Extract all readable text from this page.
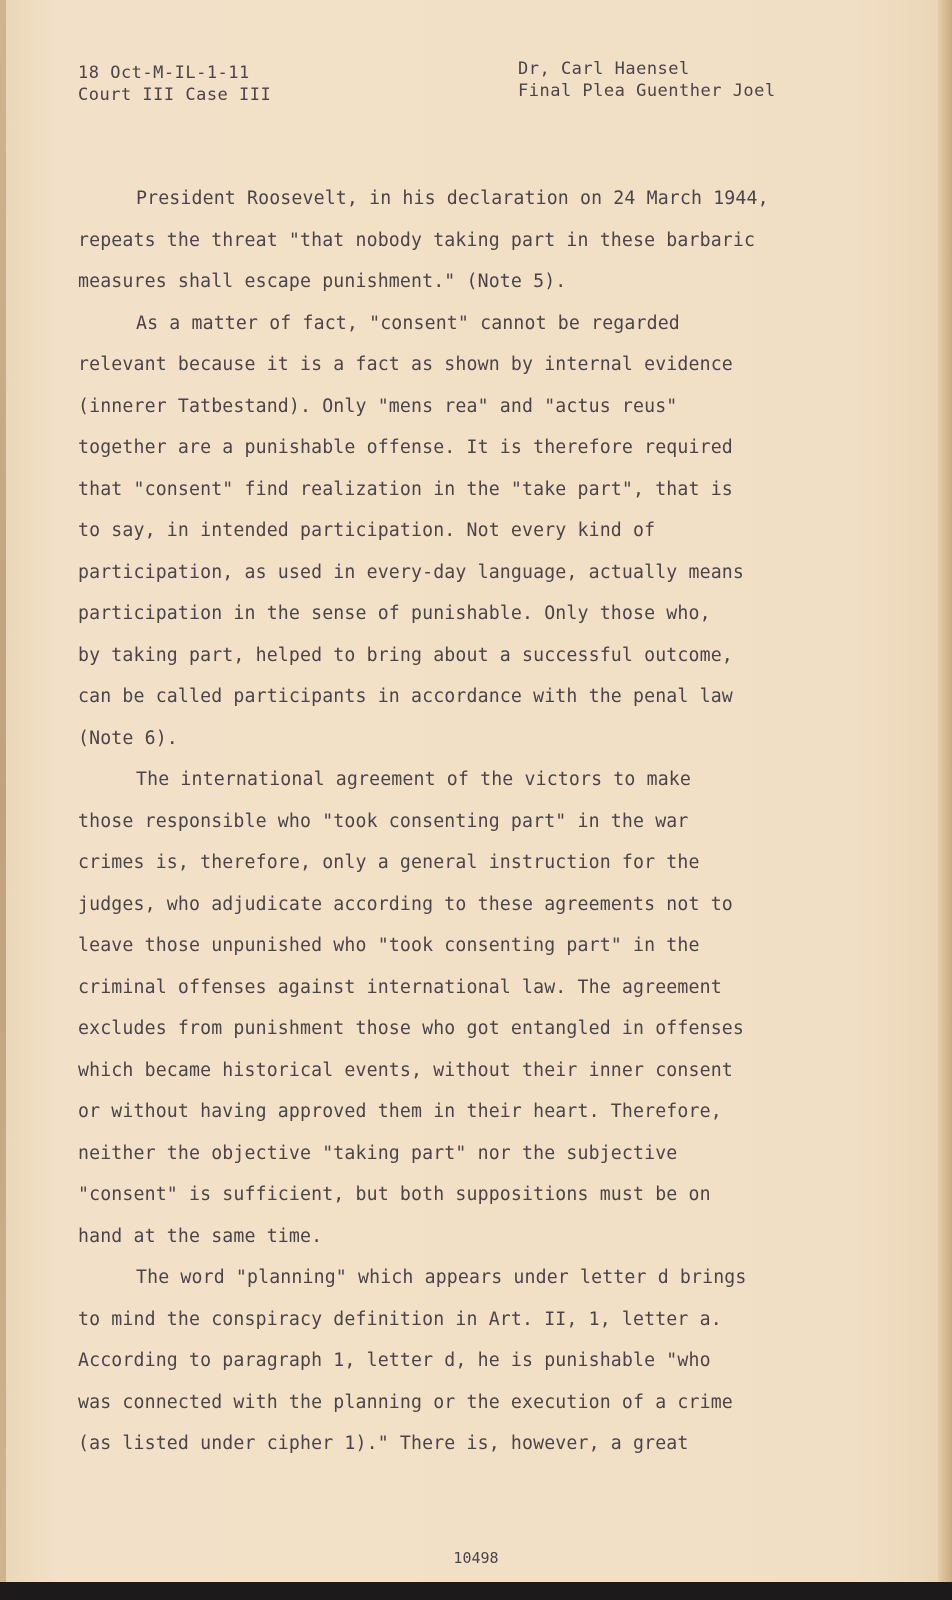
18 Oct-M-IL-1-11
Court III Case III
Dr, Carl Haensel
Final Plea Guenther Joel
President Roosevelt, in his declaration on 24 March 1944,
repeats the threat "that nobody taking part in these barbaric
measures shall escape punishment." (Note 5).
As a matter of fact, "consent" cannot be regarded
relevant because it is a fact as shown by internal evidence
(innerer Tatbestand). Only "mens rea" and "actus reus"
together are a punishable offense. It is therefore required
that "consent" find realization in the "take part", that is
to say, in intended participation. Not every kind of
participation, as used in every-day language, actually means
participation in the sense of punishable. Only those who,
by taking part, helped to bring about a successful outcome,
can be called participants in accordance with the penal law
(Note 6).
The international agreement of the victors to make
those responsible who "took consenting part" in the war
crimes is, therefore, only a general instruction for the
judges, who adjudicate according to these agreements not to
leave those unpunished who "took consenting part" in the
criminal offenses against international law. The agreement
excludes from punishment those who got entangled in offenses
which became historical events, without their inner consent
or without having approved them in their heart. Therefore,
neither the objective "taking part" nor the subjective
"consent" is sufficient, but both suppositions must be on
hand at the same time.
The word "planning" which appears under letter d brings
to mind the conspiracy definition in Art. II, 1, letter a.
According to paragraph 1, letter d, he is punishable "who
was connected with the planning or the execution of a crime
(as listed under cipher 1)." There is, however, a great
10498
